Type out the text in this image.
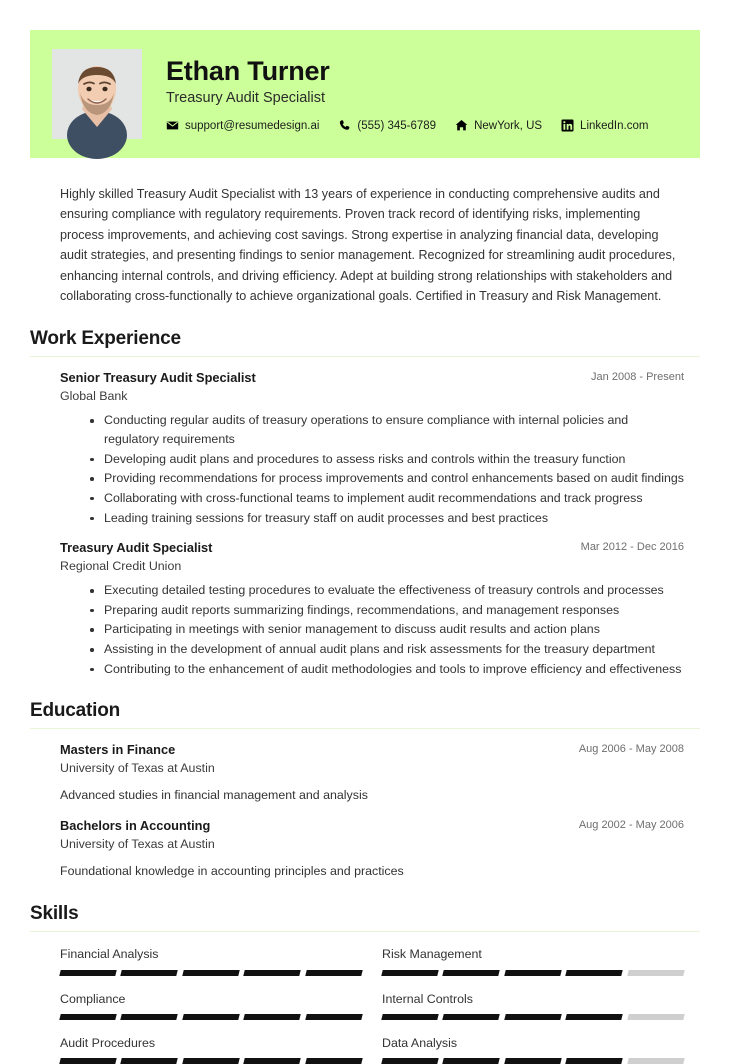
Ethan Turner
Treasury Audit Specialist
support@resumedesign.ai	(555) 345-6789	NewYork, US	LinkedIn.com
Highly skilled Treasury Audit Specialist with 13 years of experience in conducting comprehensive audits and ensuring compliance with regulatory requirements. Proven track record of identifying risks, implementing process improvements, and achieving cost savings. Strong expertise in analyzing financial data, developing audit strategies, and presenting findings to senior management. Recognized for streamlining audit procedures, enhancing internal controls, and driving efficiency. Adept at building strong relationships with stakeholders and collaborating cross-functionally to achieve organizational goals. Certified in Treasury and Risk Management.
Work Experience
Senior Treasury Audit Specialist	Jan 2008 - Present
Global Bank
Conducting regular audits of treasury operations to ensure compliance with internal policies and regulatory requirements
Developing audit plans and procedures to assess risks and controls within the treasury function
Providing recommendations for process improvements and control enhancements based on audit findings
Collaborating with cross-functional teams to implement audit recommendations and track progress
Leading training sessions for treasury staff on audit processes and best practices
Treasury Audit Specialist	Mar 2012 - Dec 2016
Regional Credit Union
Executing detailed testing procedures to evaluate the effectiveness of treasury controls and processes
Preparing audit reports summarizing findings, recommendations, and management responses
Participating in meetings with senior management to discuss audit results and action plans
Assisting in the development of annual audit plans and risk assessments for the treasury department
Contributing to the enhancement of audit methodologies and tools to improve efficiency and effectiveness
Education
Masters in Finance	Aug 2006 - May 2008
University of Texas at Austin
Advanced studies in financial management and analysis
Bachelors in Accounting	Aug 2002 - May 2006
University of Texas at Austin
Foundational knowledge in accounting principles and practices
Skills
Financial Analysis	Risk Management
Compliance	Internal Controls
Audit Procedures	Data Analysis
